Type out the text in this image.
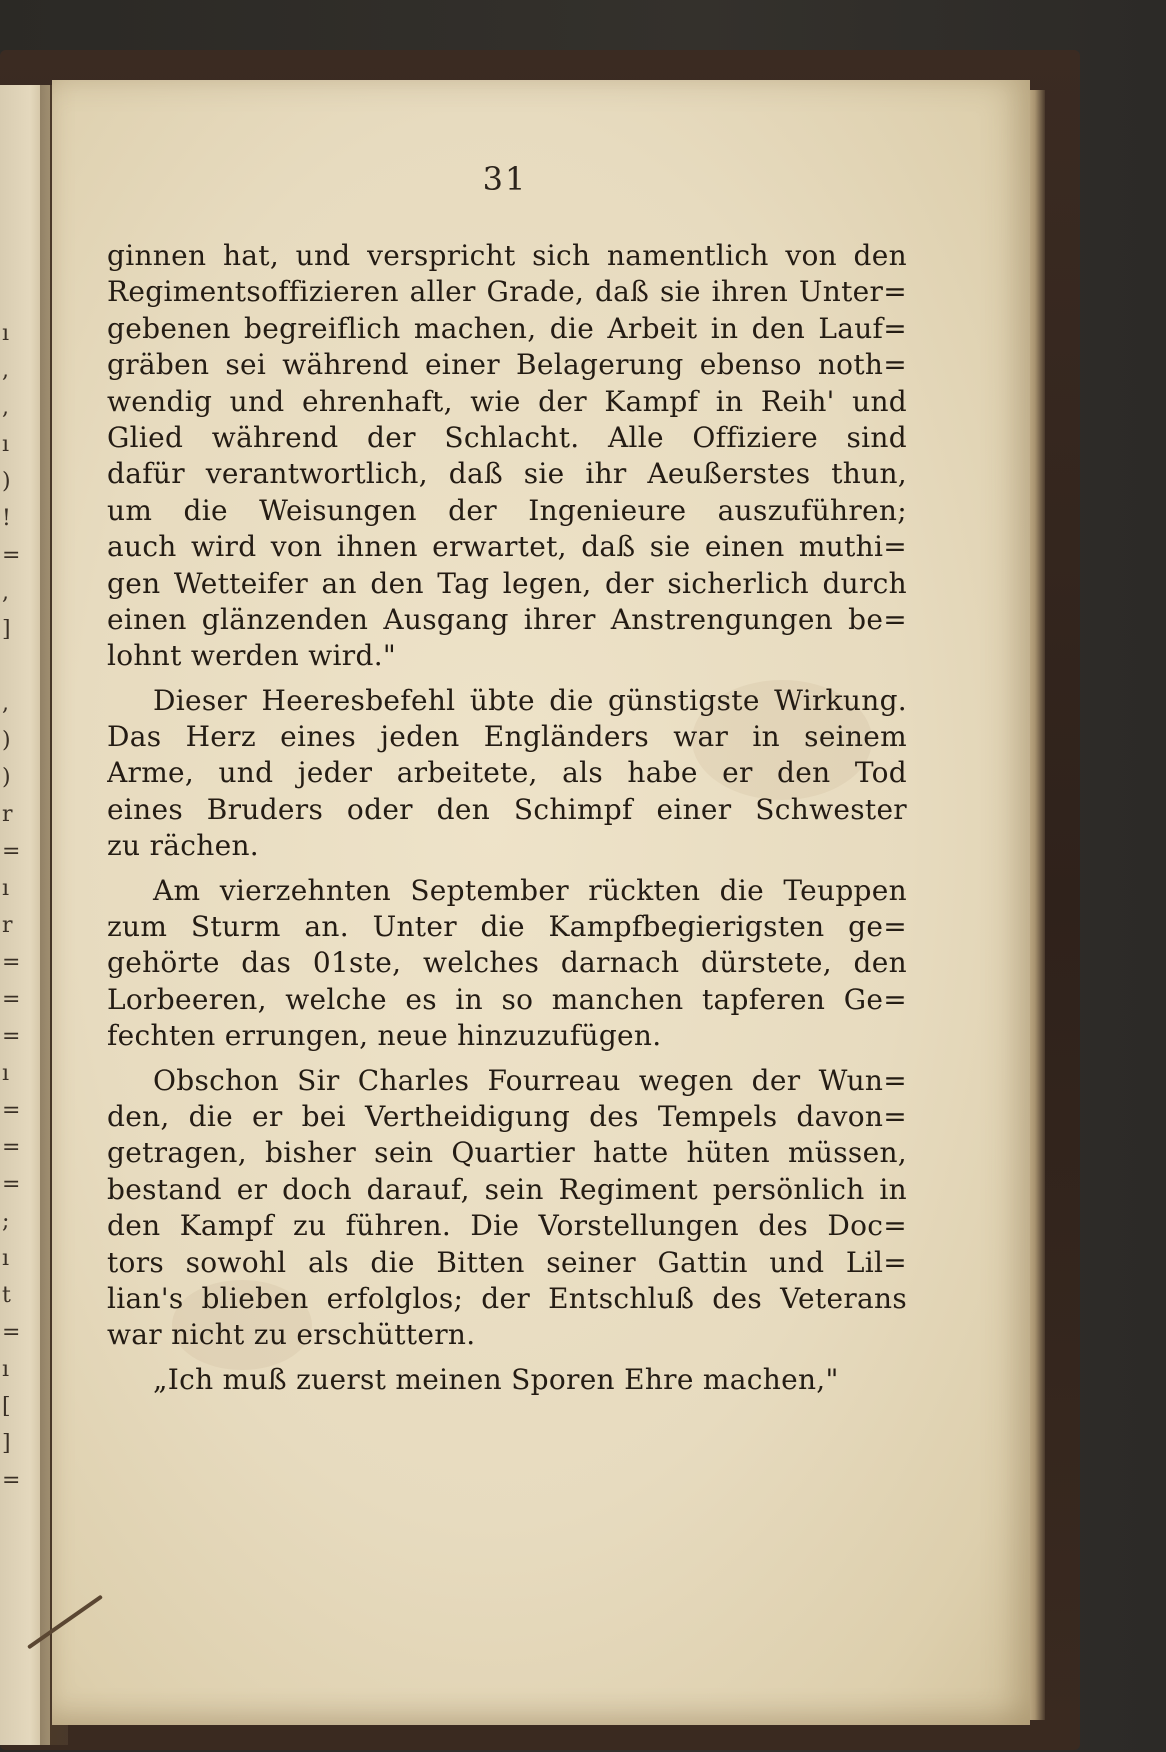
ı
,
,
ı
)
!
=
,
]
,
)
)
r
=
ı
r
=
=
=
ı
=
=
=
;
ı
t
=
ı
[
]
=
31
ginnen hat, und verspricht sich namentlich von den
Regimentsoffizieren aller Grade, daß sie ihren Unter=
gebenen begreiflich machen, die Arbeit in den Lauf=
gräben sei während einer Belagerung ebenso noth=
wendig und ehrenhaft, wie der Kampf in Reih' und
Glied während der Schlacht. Alle Offiziere sind
dafür verantwortlich, daß sie ihr Aeußerstes thun,
um die Weisungen der Ingenieure auszuführen;
auch wird von ihnen erwartet, daß sie einen muthi=
gen Wetteifer an den Tag legen, der sicherlich durch
einen glänzenden Ausgang ihrer Anstrengungen be=
lohnt werden wird."
Dieser Heeresbefehl übte die günstigste Wirkung.
Das Herz eines jeden Engländers war in seinem
Arme, und jeder arbeitete, als habe er den Tod
eines Bruders oder den Schimpf einer Schwester
zu rächen.
Am vierzehnten September rückten die Teuppen
zum Sturm an. Unter die Kampfbegierigsten ge=
gehörte das 01ste, welches darnach dürstete, den
Lorbeeren, welche es in so manchen tapferen Ge=
fechten errungen, neue hinzuzufügen.
Obschon Sir Charles Fourreau wegen der Wun=
den, die er bei Vertheidigung des Tempels davon=
getragen, bisher sein Quartier hatte hüten müssen,
bestand er doch darauf, sein Regiment persönlich in
den Kampf zu führen. Die Vorstellungen des Doc=
tors sowohl als die Bitten seiner Gattin und Lil=
lian's blieben erfolglos; der Entschluß des Veterans
war nicht zu erschüttern.
„Ich muß zuerst meinen Sporen Ehre machen,"
